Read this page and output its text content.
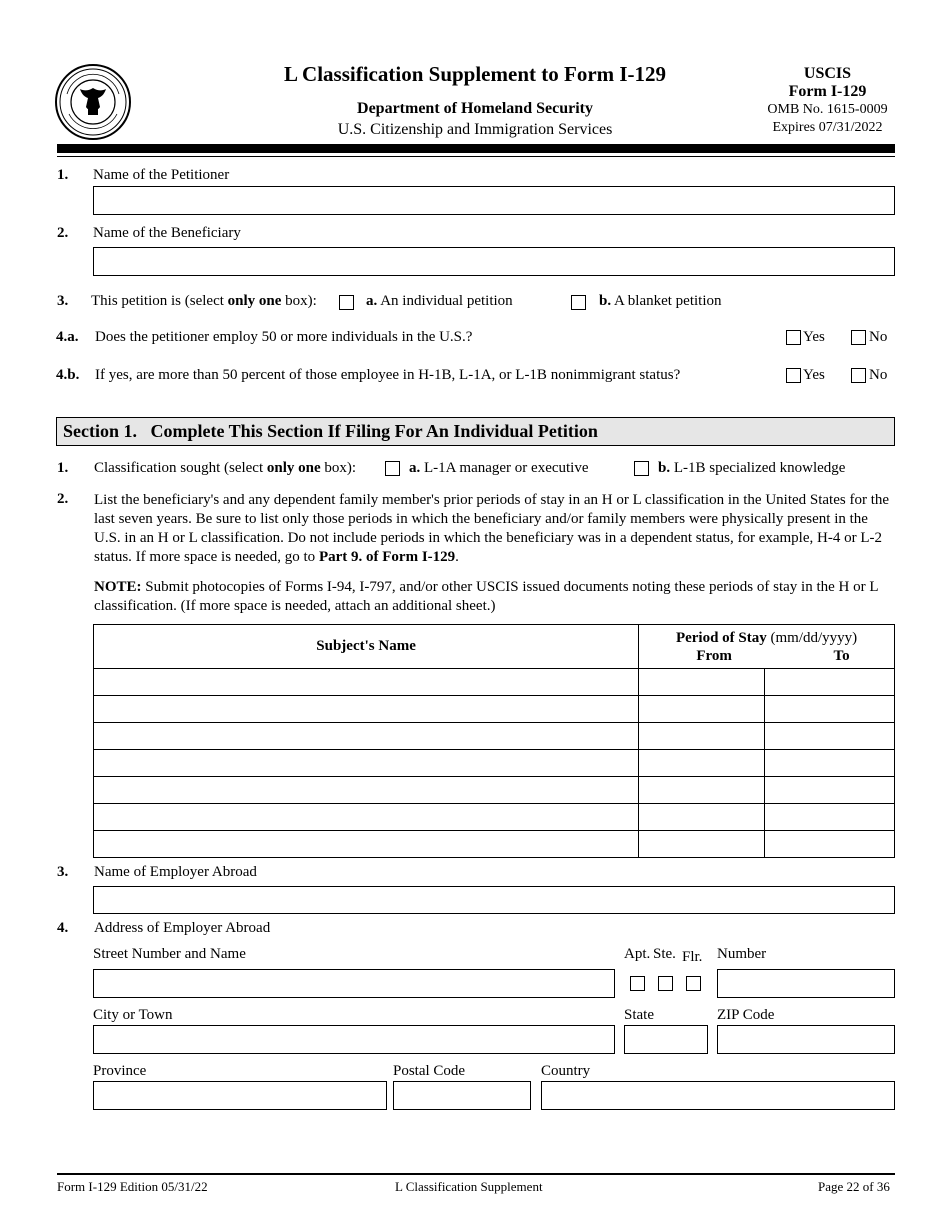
L Classification Supplement to Form I-129
Department of Homeland Security
U.S. Citizenship and Immigration Services
USCIS
Form I-129
OMB No. 1615-0009
Expires 07/31/2022
1. Name of the Petitioner
2. Name of the Beneficiary
3. This petition is (select only one box):	a. An individual petition	b. A blanket petition
4.a. Does the petitioner employ 50 or more individuals in the U.S.?	Yes	No
4.b. If yes, are more than 50 percent of those employee in H-1B, L-1A, or L-1B nonimmigrant status?	Yes	No
Section 1.   Complete This Section If Filing For An Individual Petition
1. Classification sought (select only one box):	a. L-1A manager or executive	b. L-1B specialized knowledge
2. List the beneficiary's and any dependent family member's prior periods of stay in an H or L classification in the United States for the last seven years. Be sure to list only those periods in which the beneficiary and/or family members were physically present in the U.S. in an H or L classification. Do not include periods in which the beneficiary was in a dependent status, for example, H-4 or L-2 status. If more space is needed, go to Part 9. of Form I-129.
NOTE: Submit photocopies of Forms I-94, I-797, and/or other USCIS issued documents noting these periods of stay in the H or L classification. (If more space is needed, attach an additional sheet.)
Subject's Name	Period of Stay (mm/dd/yyyy)
From To	

3. Name of Employer Abroad
4. Address of Employer Abroad
Street Number and Name	Apt. Ste. Flr. Number
City or Town	State	ZIP Code
Province	Postal Code	Country
Form I-129 Edition 05/31/22	L Classification Supplement	Page 22 of 36
